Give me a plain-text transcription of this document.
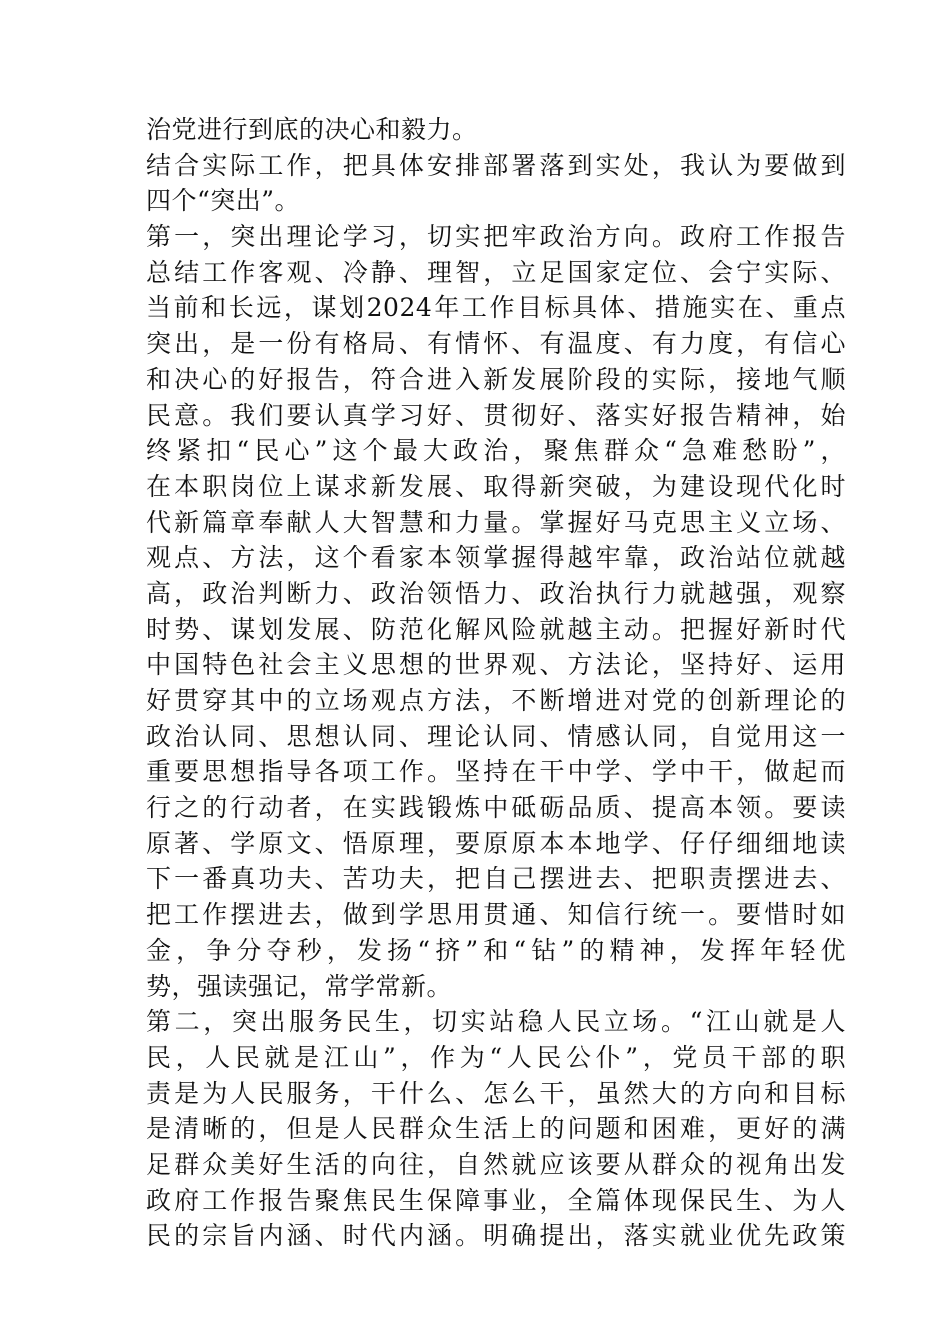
治党进行到底的决心和毅力。
结合实际工作，把具体安排部署落到实处，我认为要做到
四个“突出”。
第一，突出理论学习，切实把牢政治方向。政府工作报告
总结工作客观、冷静、理智，立足国家定位、会宁实际、
当前和长远，谋划2024年工作目标具体、措施实在、重点
突出，是一份有格局、有情怀、有温度、有力度，有信心
和决心的好报告，符合进入新发展阶段的实际，接地气顺
民意。我们要认真学习好、贯彻好、落实好报告精神，始
终紧扣“民心”这个最大政治，聚焦群众“急难愁盼”，
在本职岗位上谋求新发展、取得新突破，为建设现代化时
代新篇章奉献人大智慧和力量。掌握好马克思主义立场、
观点、方法，这个看家本领掌握得越牢靠，政治站位就越
高，政治判断力、政治领悟力、政治执行力就越强，观察
时势、谋划发展、防范化解风险就越主动。把握好新时代
中国特色社会主义思想的世界观、方法论，坚持好、运用
好贯穿其中的立场观点方法，不断增进对党的创新理论的
政治认同、思想认同、理论认同、情感认同，自觉用这一
重要思想指导各项工作。坚持在干中学、学中干，做起而
行之的行动者，在实践锻炼中砥砺品质、提高本领。要读
原著、学原文、悟原理，要原原本本地学、仔仔细细地读
下一番真功夫、苦功夫，把自己摆进去、把职责摆进去、
把工作摆进去，做到学思用贯通、知信行统一。要惜时如
金，争分夺秒，发扬“挤”和“钻”的精神，发挥年轻优
势，强读强记，常学常新。
第二，突出服务民生，切实站稳人民立场。“江山就是人
民，人民就是江山”，作为“人民公仆”，党员干部的职
责是为人民服务，干什么、怎么干，虽然大的方向和目标
是清晰的，但是人民群众生活上的问题和困难，更好的满
足群众美好生活的向往，自然就应该要从群众的视角出发
政府工作报告聚焦民生保障事业，全篇体现保民生、为人
民的宗旨内涵、时代内涵。明确提出，落实就业优先政策
